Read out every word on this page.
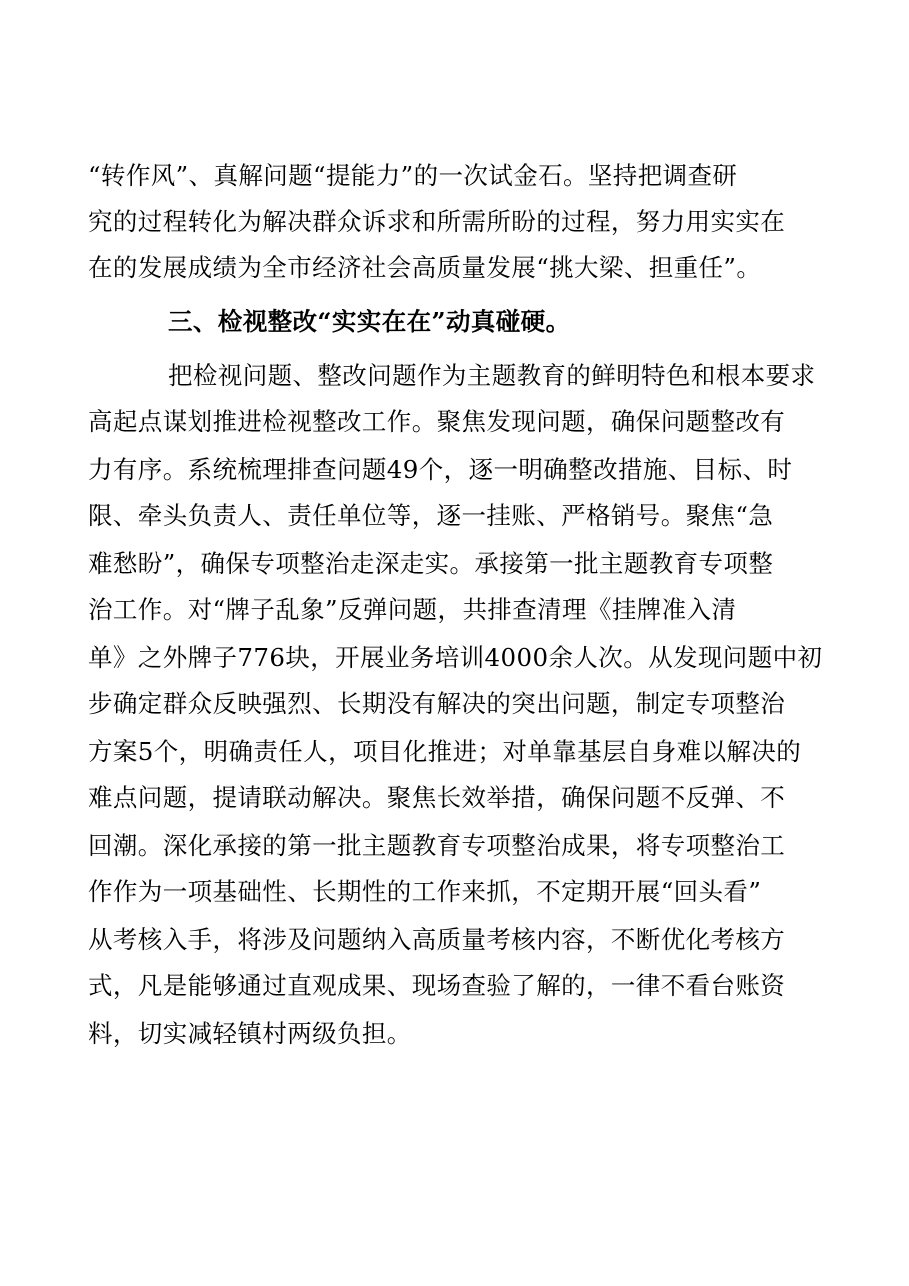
“转作风”、真解问题“提能力”的一次试金石。坚持把调查研
究的过程转化为解决群众诉求和所需所盼的过程，努力用实实在
在的发展成绩为全市经济社会高质量发展“挑大梁、担重任”。
三、检视整改“实实在在”动真碰硬。
把检视问题、整改问题作为主题教育的鲜明特色和根本要求
高起点谋划推进检视整改工作。聚焦发现问题，确保问题整改有
力有序。系统梳理排查问题49个，逐一明确整改措施、目标、时
限、牵头负责人、责任单位等，逐一挂账、严格销号。聚焦“急
难愁盼”，确保专项整治走深走实。承接第一批主题教育专项整
治工作。对“牌子乱象”反弹问题，共排查清理《挂牌准入清
单》之外牌子776块，开展业务培训4000余人次。从发现问题中初
步确定群众反映强烈、长期没有解决的突出问题，制定专项整治
方案5个，明确责任人，项目化推进；对单靠基层自身难以解决的
难点问题，提请联动解决。聚焦长效举措，确保问题不反弹、不
回潮。深化承接的第一批主题教育专项整治成果，将专项整治工
作作为一项基础性、长期性的工作来抓，不定期开展“回头看”
从考核入手，将涉及问题纳入高质量考核内容，不断优化考核方
式，凡是能够通过直观成果、现场查验了解的，一律不看台账资
料，切实减轻镇村两级负担。
